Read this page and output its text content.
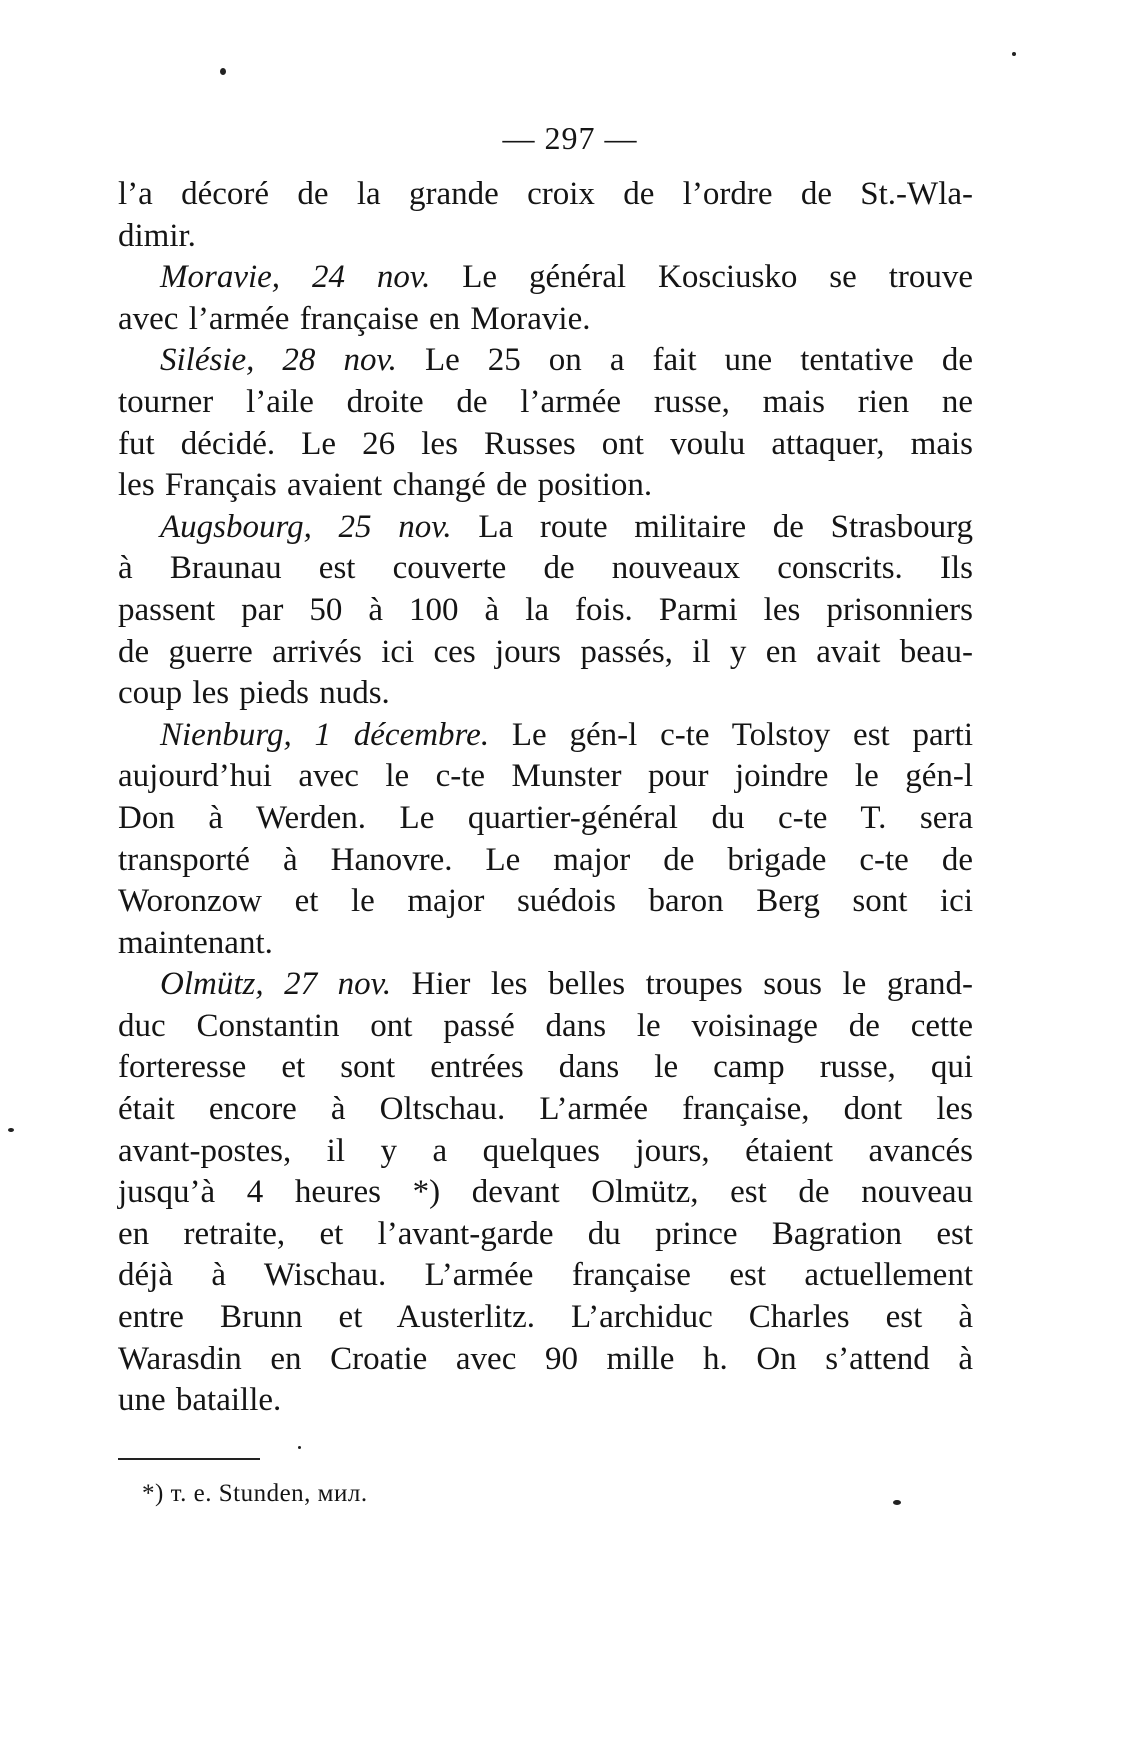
— 297 —
l’a décoré de la grande croix de l’ordre de St.-Wla-
dimir.
Moravie, 24 nov. Le général Kosciusko se trouve
avec l’armée française en Moravie.
Silésie, 28 nov. Le 25 on a fait une tentative de
tourner l’aile droite de l’armée russe, mais rien ne
fut décidé. Le 26 les Russes ont voulu attaquer, mais
les Français avaient changé de position.
Augsbourg, 25 nov. La route militaire de Strasbourg
à Braunau est couverte de nouveaux conscrits. Ils
passent par 50 à 100 à la fois. Parmi les prisonniers
de guerre arrivés ici ces jours passés, il y en avait beau-
coup les pieds nuds.
Nienburg, 1 décembre. Le gén-l c-te Tolstoy est parti
aujourd’hui avec le c-te Munster pour joindre le gén-l
Don à Werden. Le quartier-général du c-te T. sera
transporté à Hanovre. Le major de brigade c-te de
Woronzow et le major suédois baron Berg sont ici
maintenant.
Olmütz, 27 nov. Hier les belles troupes sous le grand-
duc Constantin ont passé dans le voisinage de cette
forteresse et sont entrées dans le camp russe, qui
était encore à Oltschau. L’armée française, dont les
avant-postes, il y a quelques jours, étaient avancés
jusqu’à 4 heures *) devant Olmütz, est de nouveau
en retraite, et l’avant-garde du prince Bagration est
déjà à Wischau. L’armée française est actuellement
entre Brunn et Austerlitz. L’archiduc Charles est à
Warasdin en Croatie avec 90 mille h. On s’attend à
une bataille.
*) т. е. Stunden, мил.
